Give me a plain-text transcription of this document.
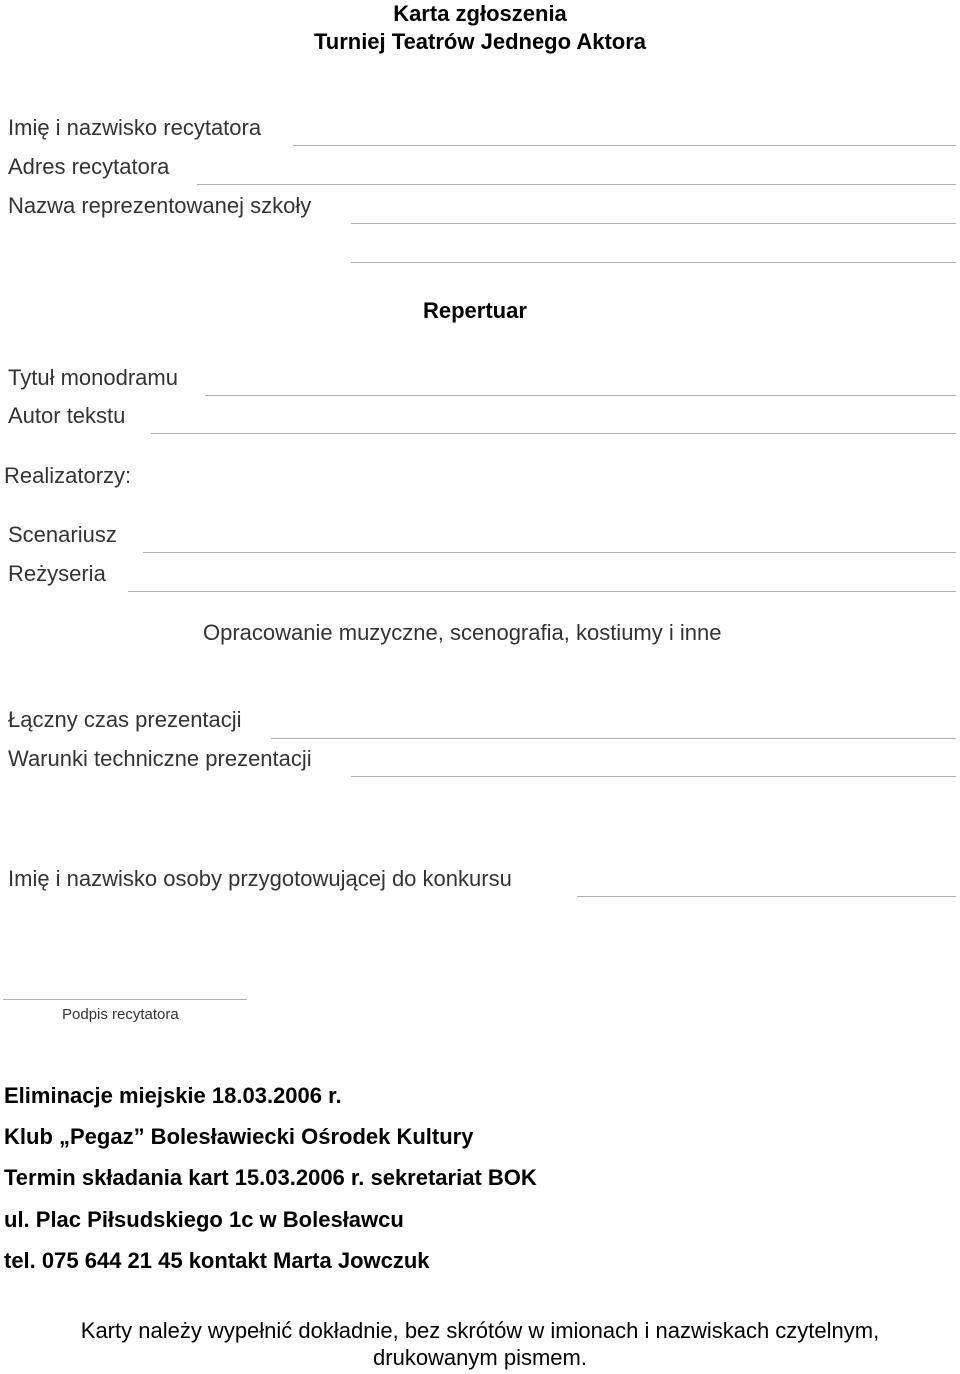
Karta zgłoszenia
Turniej Teatrów Jednego Aktora
Imię i nazwisko recytatora
Adres recytatora
Nazwa reprezentowanej szkoły
Repertuar
Tytuł monodramu
Autor tekstu
Realizatorzy:
Scenariusz
Reżyseria
Opracowanie muzyczne, scenografia, kostiumy i inne
Łączny czas prezentacji
Warunki techniczne prezentacji
Imię i nazwisko osoby przygotowującej do konkursu
Podpis recytatora
Eliminacje miejskie 18.03.2006 r.
Klub „Pegaz” Bolesławiecki Ośrodek Kultury
Termin składania kart 15.03.2006 r. sekretariat BOK
ul. Plac Piłsudskiego 1c w Bolesławcu
tel. 075 644 21 45 kontakt Marta Jowczuk
Karty należy wypełnić dokładnie, bez skrótów w imionach i nazwiskach czytelnym,
drukowanym pismem.
